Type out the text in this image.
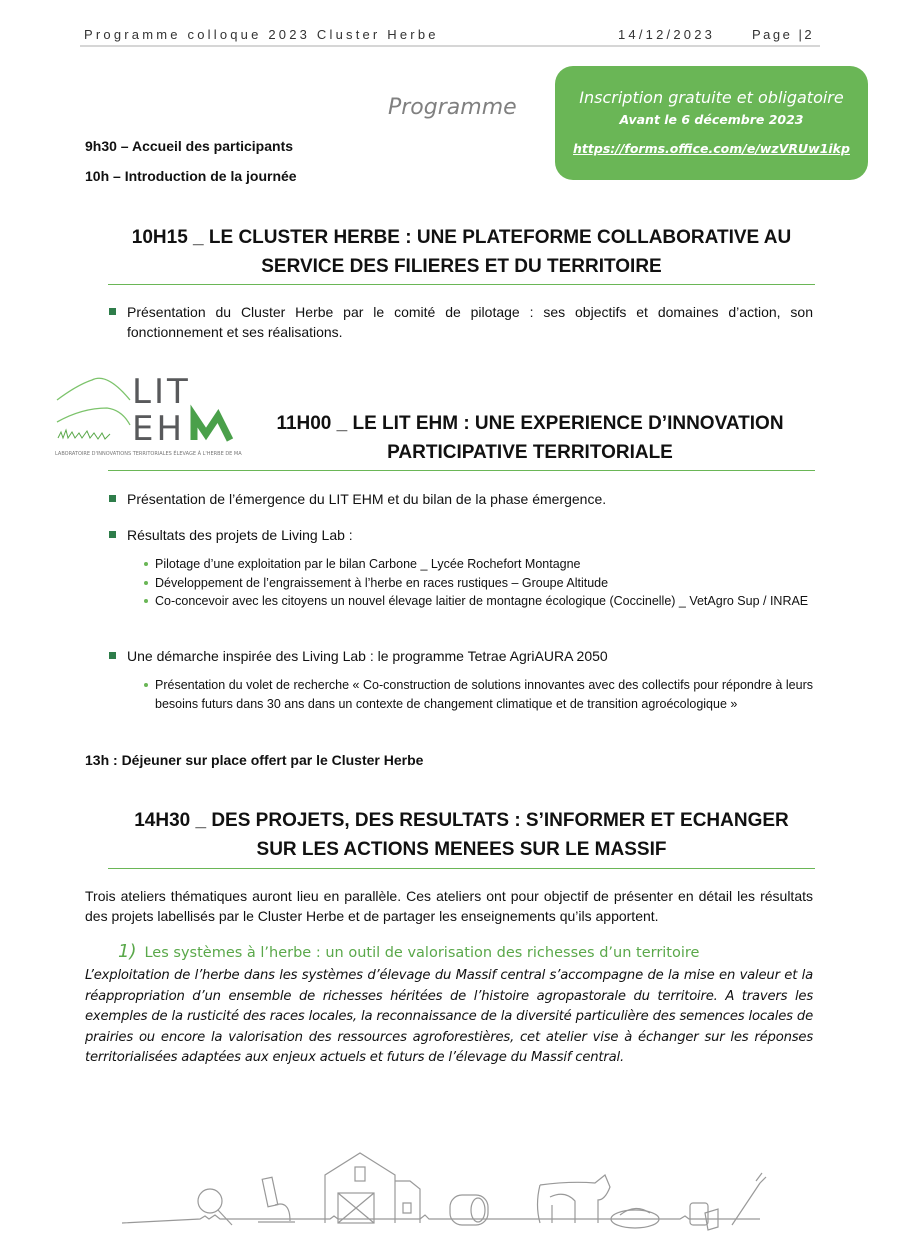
Programme colloque 2023 Cluster Herbe	14/12/2023	Page |2
Programme	Inscription gratuite et obligatoire
Avant le 6 décembre 2023
https://forms.office.com/e/wzVRUw1ikp
9h30 – Accueil des participants
10h – Introduction de la journée
10H15 _ LE CLUSTER HERBE : UNE PLATEFORME COLLABORATIVE AU
SERVICE DES FILIERES ET DU TERRITOIRE
Présentation du Cluster Herbe par le comité de pilotage : ses objectifs et domaines d’action, son fonctionnement et ses réalisations.
LIT
EH
LABORATOIRE D'INNOVATIONS TERRITORIALES ÉLEVAGE À L'HERBE DE MASSIF
11H00 _ LE LIT EHM : UNE EXPERIENCE D’INNOVATION
PARTICIPATIVE TERRITORIALE
Présentation de l’émergence du LIT EHM et du bilan de la phase émergence.
Résultats des projets de Living Lab :
Pilotage d’une exploitation par le bilan Carbone _ Lycée Rochefort Montagne
Développement de l’engraissement à l’herbe en races rustiques – Groupe Altitude
Co-concevoir avec les citoyens un nouvel élevage laitier de montagne écologique (Coccinelle) _ VetAgro Sup / INRAE
Une démarche inspirée des Living Lab : le programme Tetrae AgriAURA 2050
Présentation du volet de recherche « Co-construction de solutions innovantes avec des collectifs pour répondre à leurs besoins futurs dans 30 ans dans un contexte de changement climatique et de transition agroécologique »
13h : Déjeuner sur place offert par le Cluster Herbe
14H30 _ DES PROJETS, DES RESULTATS : S’INFORMER ET ECHANGER
SUR LES ACTIONS MENEES SUR LE MASSIF
Trois ateliers thématiques auront lieu en parallèle. Ces ateliers ont pour objectif de présenter en détail les résultats des projets labellisés par le Cluster Herbe et de partager les enseignements qu’ils apportent.
1) Les systèmes à l’herbe : un outil de valorisation des richesses d’un territoire
L’exploitation de l’herbe dans les systèmes d’élevage du Massif central s’accompagne de la mise en valeur et la réappropriation d’un ensemble de richesses héritées de l’histoire agropastorale du territoire. A travers les exemples de la rusticité des races locales, la reconnaissance de la diversité particulière des semences locales de prairies ou encore la valorisation des ressources agroforestières, cet atelier vise à échanger sur les réponses territorialisées adaptées aux enjeux actuels et futurs de l’élevage du Massif central.
